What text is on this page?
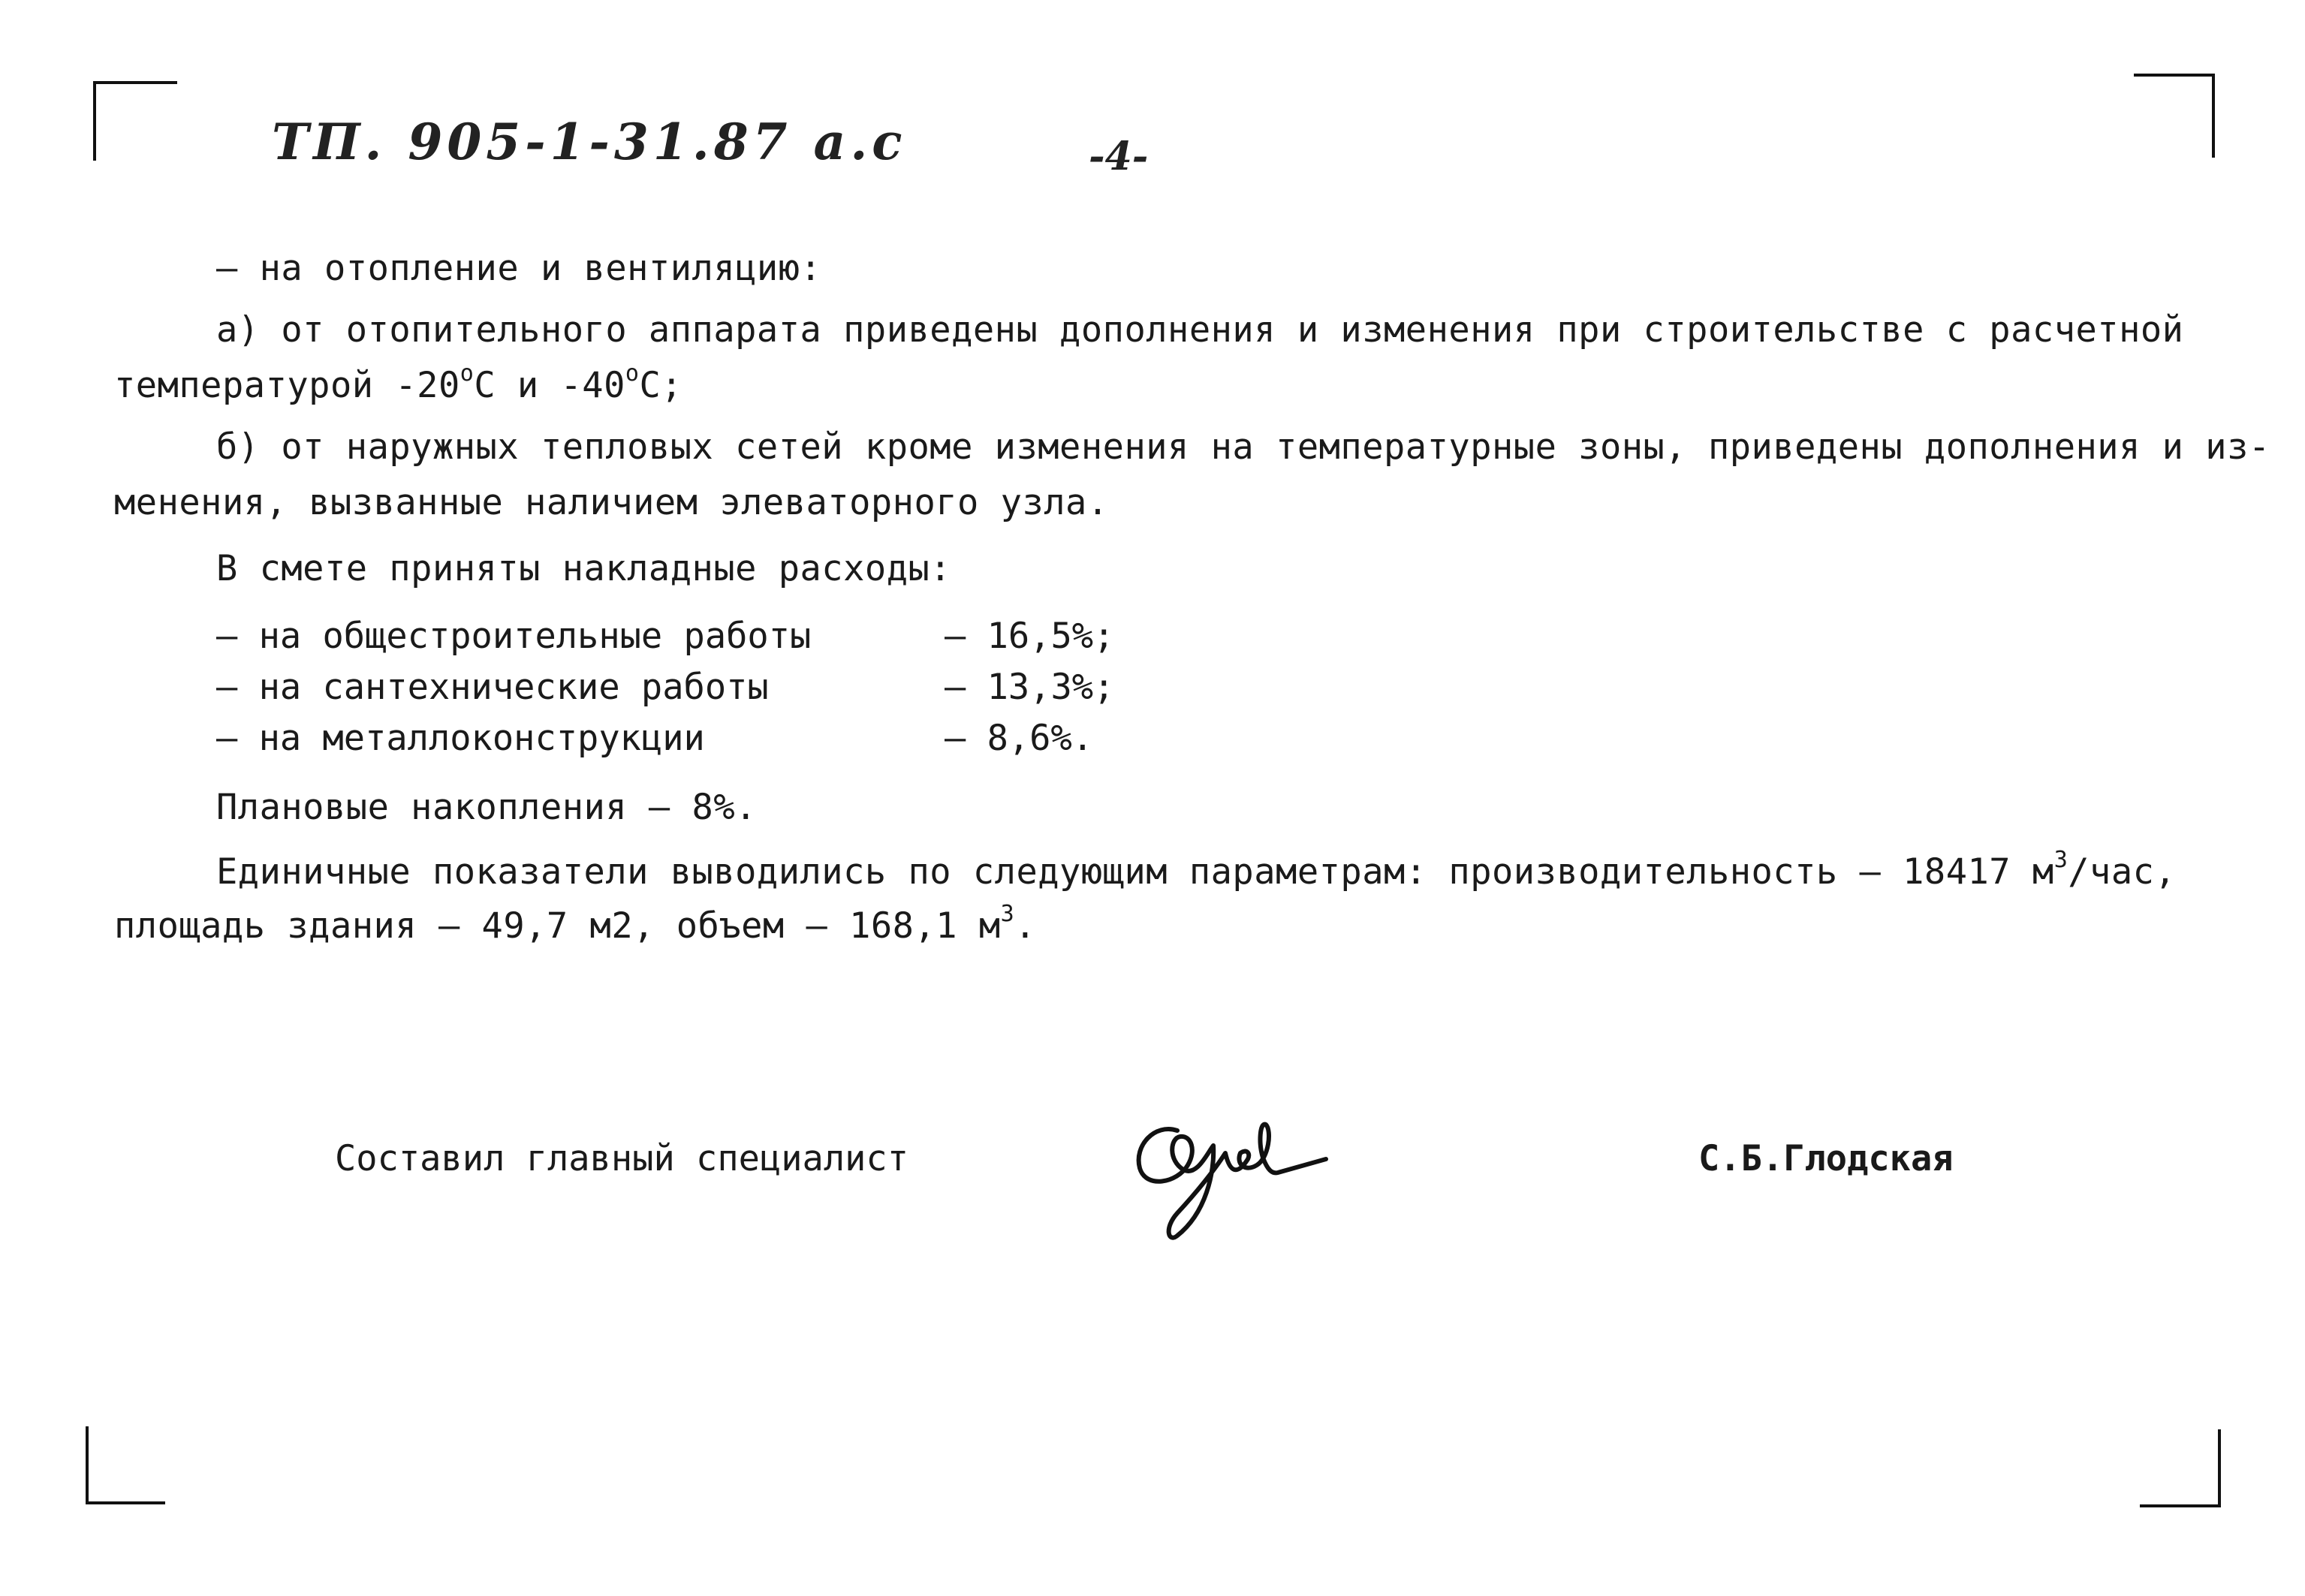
ТП. 905-1-31.87 а.с	-4-
– на отопление и вентиляцию:
а) от отопительного аппарата приведены дополнения и изменения при строительстве с расчетной
температурой -20$^o$С и -40$^o$С;
б) от наружных тепловых сетей кроме изменения на температурные зоны, приведены дополнения и из-
менения, вызванные наличием элеваторного узла.
В смете приняты накладные расходы:
– на общестроительные работы	– 16,5%;
– на сантехнические работы	– 13,3%;
– на металлоконструкции	– 8,6%.
Плановые накопления – 8%.
Единичные показатели выводились по следующим параметрам: производительность – 18417 $м^3$/час,
площадь здания – 49,7 м2, объем – 168,1 $м^3$.
Составил главный специалист	С.Б.Глодская
